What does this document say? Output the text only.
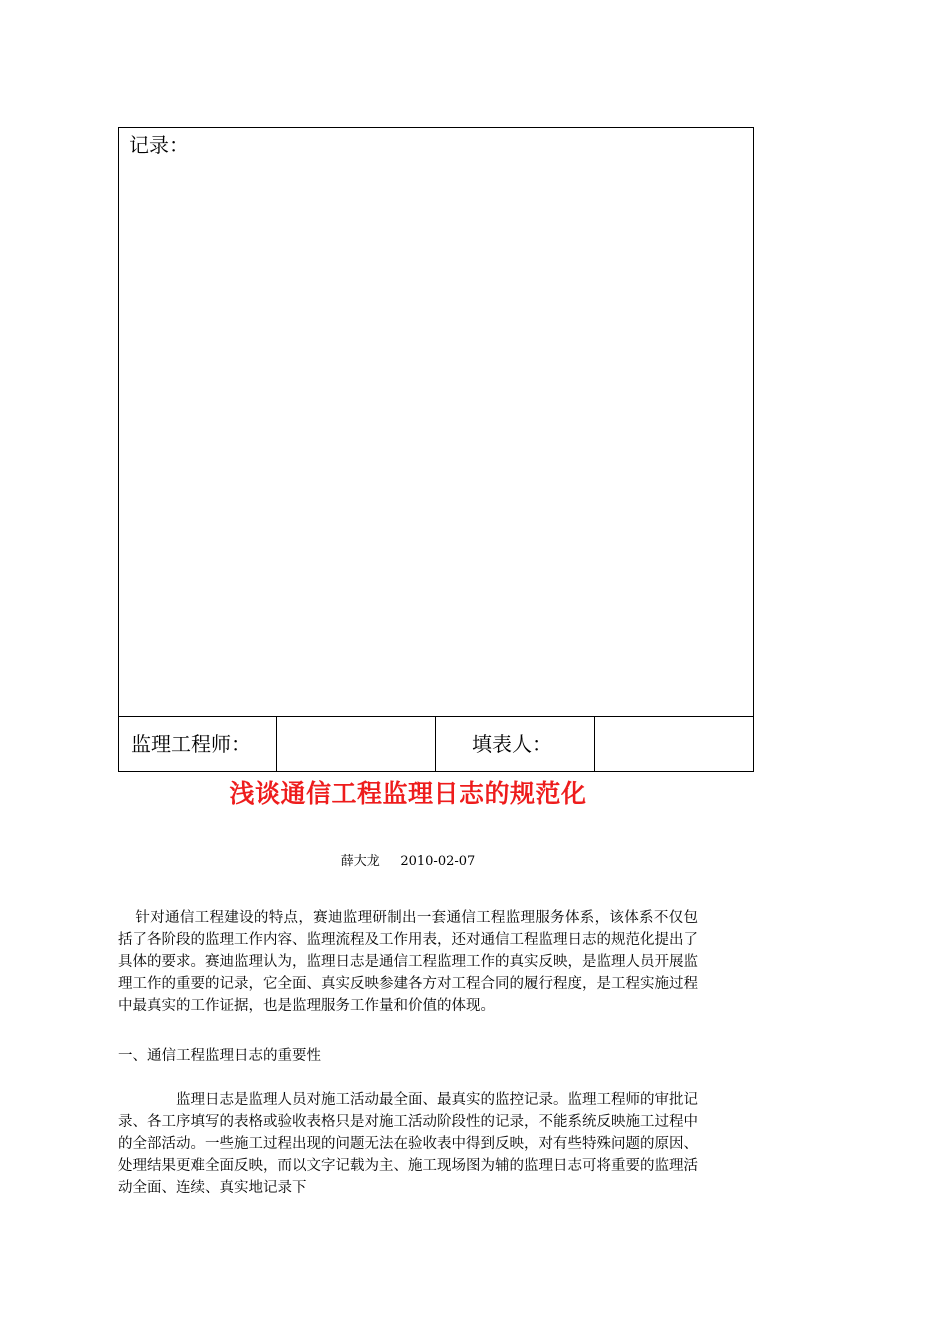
记录：

监理工程师：		填表人：

浅谈通信工程监理日志的规范化
薛大龙     2010-02-07

针对通信工程建设的特点，赛迪监理研制出一套通信工程监理服务体系，该体系不仅包括了各阶段的监理工作内容、监理流程及工作用表，还对通信工程监理日志的规范化提出了具体的要求。赛迪监理认为，监理日志是通信工程监理工作的真实反映，是监理人员开展监理工作的重要的记录，它全面、真实反映参建各方对工程合同的履行程度，是工程实施过程中最真实的工作证据，也是监理服务工作量和价值的体现。

一、通信工程监理日志的重要性

监理日志是监理人员对施工活动最全面、最真实的监控记录。监理工程师的审批记录、各工序填写的表格或验收表格只是对施工活动阶段性的记录，不能系统反映施工过程中的全部活动。一些施工过程出现的问题无法在验收表中得到反映，对有些特殊问题的原因、处理结果更难全面反映，而以文字记载为主、施工现场图为辅的监理日志可将重要的监理活动全面、连续、真实地记录下
